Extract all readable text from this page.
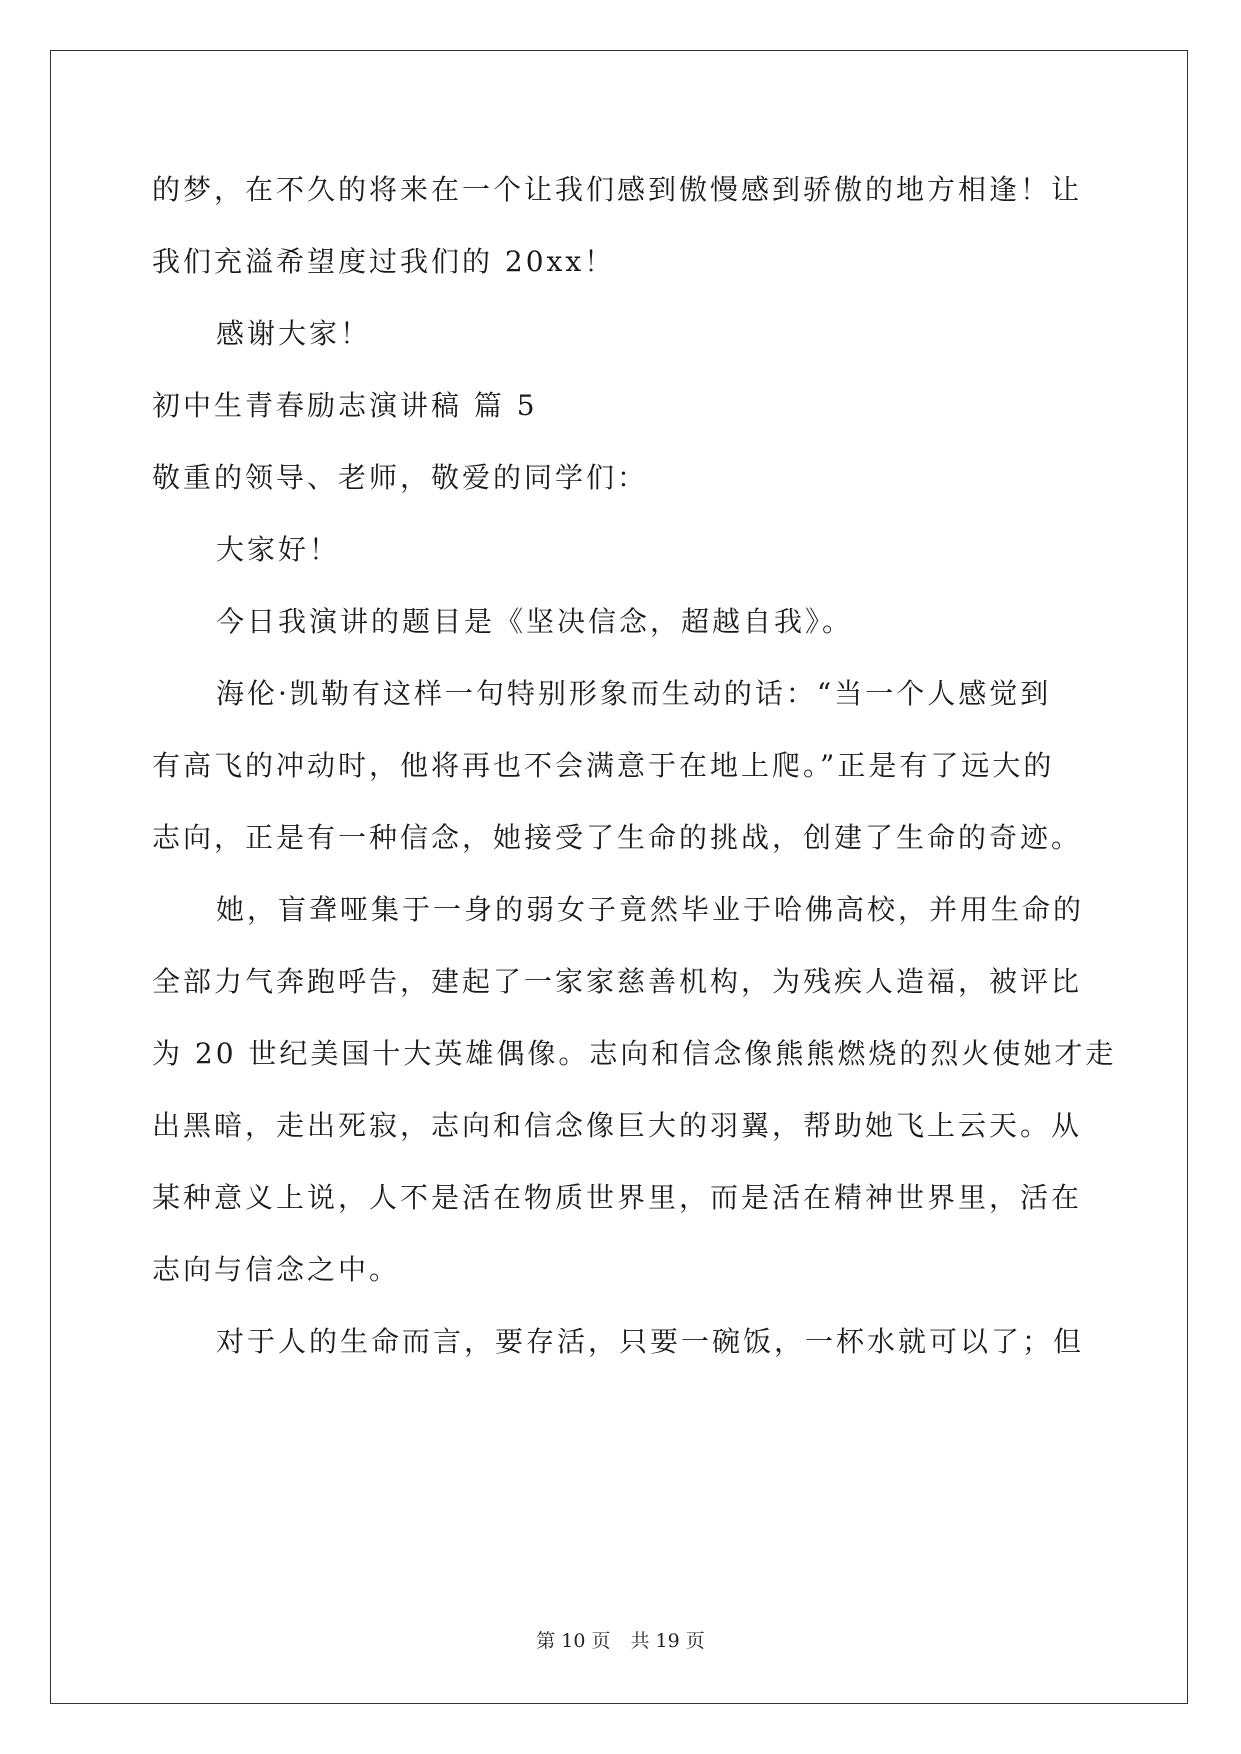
的梦，在不久的将来在一个让我们感到傲慢感到骄傲的地方相逢！让
我们充溢希望度过我们的 20xx！
感谢大家！
初中生青春励志演讲稿 篇 5
敬重的领导、老师，敬爱的同学们：
大家好！
今日我演讲的题目是《坚决信念，超越自我》。
海伦·凯勒有这样一句特别形象而生动的话：“当一个人感觉到
有高飞的冲动时，他将再也不会满意于在地上爬。”正是有了远大的
志向，正是有一种信念，她接受了生命的挑战，创建了生命的奇迹。
她，盲聋哑集于一身的弱女子竟然毕业于哈佛高校，并用生命的
全部力气奔跑呼告，建起了一家家慈善机构，为残疾人造福，被评比
为 20 世纪美国十大英雄偶像。志向和信念像熊熊燃烧的烈火使她才走
出黑暗，走出死寂，志向和信念像巨大的羽翼，帮助她飞上云天。从
某种意义上说，人不是活在物质世界里，而是活在精神世界里，活在
志向与信念之中。
对于人的生命而言，要存活，只要一碗饭，一杯水就可以了；但
第 10 页 共 19 页
